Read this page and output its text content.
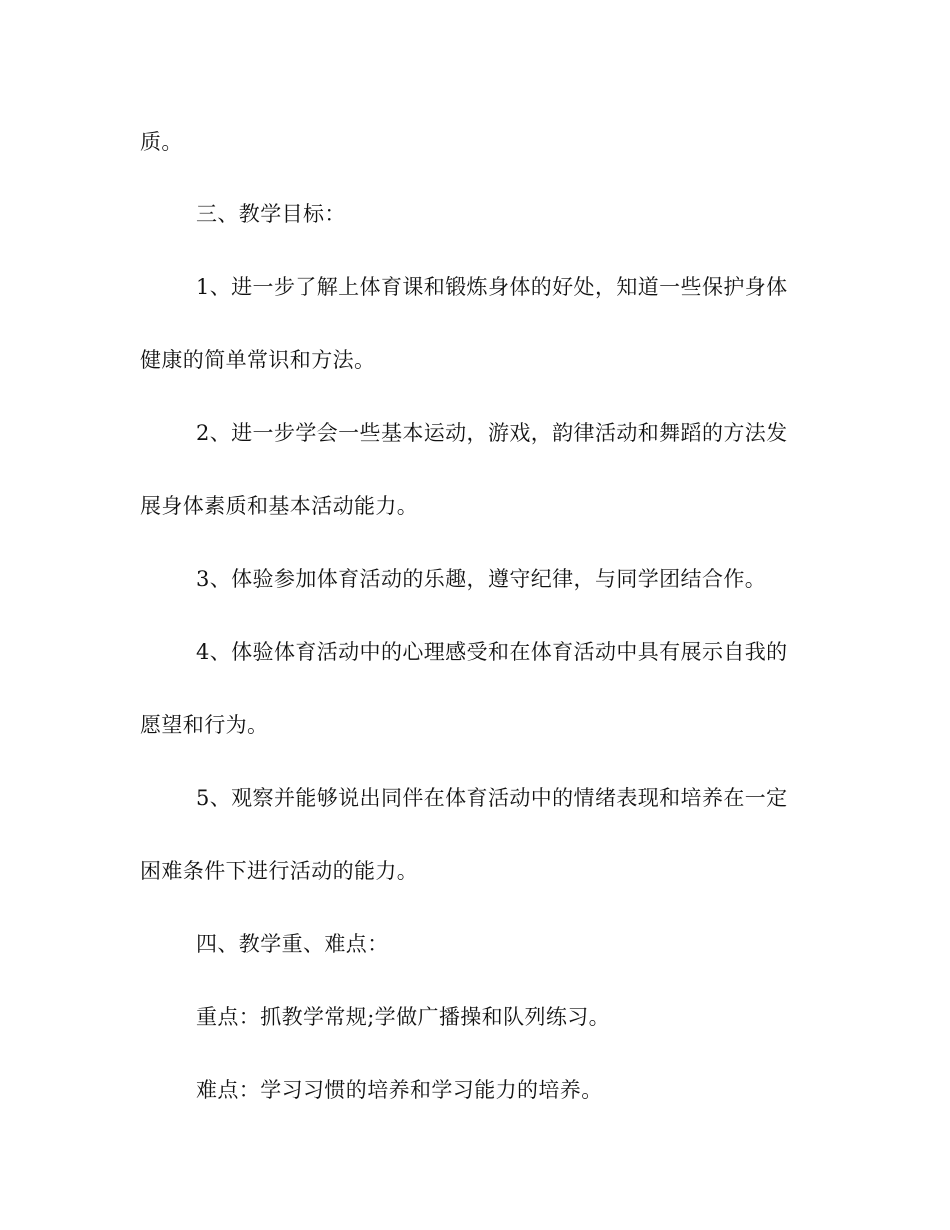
质。
三、教学目标：
1、进一步了解上体育课和锻炼身体的好处，知道一些保护身体
健康的简单常识和方法。
2、进一步学会一些基本运动，游戏，韵律活动和舞蹈的方法发
展身体素质和基本活动能力。
3、体验参加体育活动的乐趣，遵守纪律，与同学团结合作。
4、体验体育活动中的心理感受和在体育活动中具有展示自我的
愿望和行为。
5、观察并能够说出同伴在体育活动中的情绪表现和培养在一定
困难条件下进行活动的能力。
四、教学重、难点：
重点：抓教学常规;学做广播操和队列练习。
难点：学习习惯的培养和学习能力的培养。
